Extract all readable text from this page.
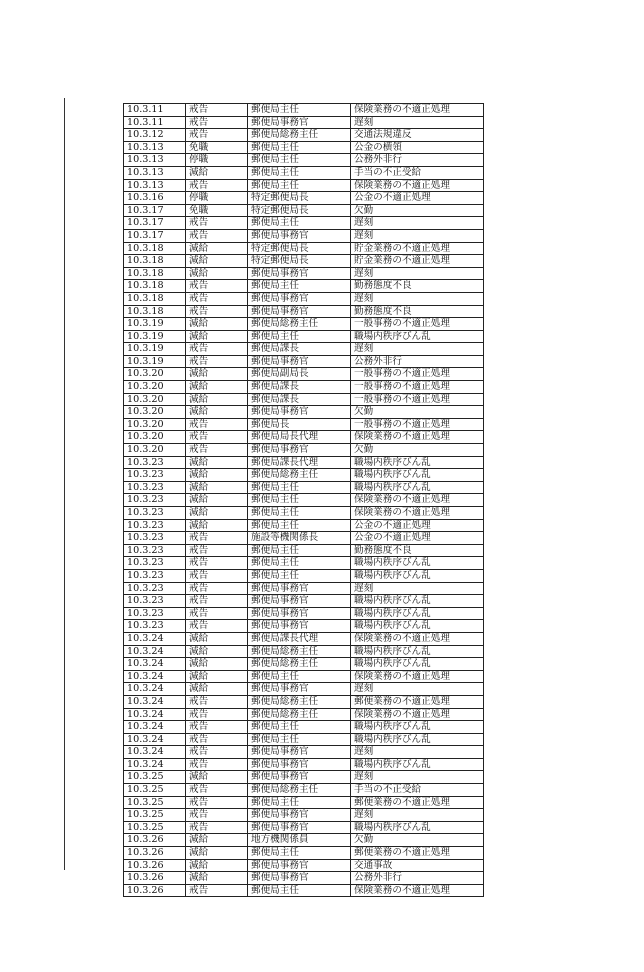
10.3.11	戒告	郵便局主任	保険業務の不適正処理
10.3.11	戒告	郵便局事務官	遅刻
10.3.12	戒告	郵便局総務主任	交通法規違反
10.3.13	免職	郵便局主任	公金の横領
10.3.13	停職	郵便局主任	公務外非行
10.3.13	減給	郵便局主任	手当の不正受給
10.3.13	戒告	郵便局主任	保険業務の不適正処理
10.3.16	停職	特定郵便局長	公金の不適正処理
10.3.17	免職	特定郵便局長	欠勤
10.3.17	戒告	郵便局主任	遅刻
10.3.17	戒告	郵便局事務官	遅刻
10.3.18	減給	特定郵便局長	貯金業務の不適正処理
10.3.18	減給	特定郵便局長	貯金業務の不適正処理
10.3.18	減給	郵便局事務官	遅刻
10.3.18	戒告	郵便局主任	勤務態度不良
10.3.18	戒告	郵便局事務官	遅刻
10.3.18	戒告	郵便局事務官	勤務態度不良
10.3.19	減給	郵便局総務主任	一般事務の不適正処理
10.3.19	減給	郵便局主任	職場内秩序びん乱
10.3.19	戒告	郵便局課長	遅刻
10.3.19	戒告	郵便局事務官	公務外非行
10.3.20	減給	郵便局副局長	一般事務の不適正処理
10.3.20	減給	郵便局課長	一般事務の不適正処理
10.3.20	減給	郵便局課長	一般事務の不適正処理
10.3.20	減給	郵便局事務官	欠勤
10.3.20	戒告	郵便局長	一般事務の不適正処理
10.3.20	戒告	郵便局局長代理	保険業務の不適正処理
10.3.20	戒告	郵便局事務官	欠勤
10.3.23	減給	郵便局課長代理	職場内秩序びん乱
10.3.23	減給	郵便局総務主任	職場内秩序びん乱
10.3.23	減給	郵便局主任	職場内秩序びん乱
10.3.23	減給	郵便局主任	保険業務の不適正処理
10.3.23	減給	郵便局主任	保険業務の不適正処理
10.3.23	減給	郵便局主任	公金の不適正処理
10.3.23	戒告	施設等機関係長	公金の不適正処理
10.3.23	戒告	郵便局主任	勤務態度不良
10.3.23	戒告	郵便局主任	職場内秩序びん乱
10.3.23	戒告	郵便局主任	職場内秩序びん乱
10.3.23	戒告	郵便局事務官	遅刻
10.3.23	戒告	郵便局事務官	職場内秩序びん乱
10.3.23	戒告	郵便局事務官	職場内秩序びん乱
10.3.23	戒告	郵便局事務官	職場内秩序びん乱
10.3.24	減給	郵便局課長代理	保険業務の不適正処理
10.3.24	減給	郵便局総務主任	職場内秩序びん乱
10.3.24	減給	郵便局総務主任	職場内秩序びん乱
10.3.24	減給	郵便局主任	保険業務の不適正処理
10.3.24	減給	郵便局事務官	遅刻
10.3.24	戒告	郵便局総務主任	郵便業務の不適正処理
10.3.24	戒告	郵便局総務主任	保険業務の不適正処理
10.3.24	戒告	郵便局主任	職場内秩序びん乱
10.3.24	戒告	郵便局主任	職場内秩序びん乱
10.3.24	戒告	郵便局事務官	遅刻
10.3.24	戒告	郵便局事務官	職場内秩序びん乱
10.3.25	減給	郵便局事務官	遅刻
10.3.25	戒告	郵便局総務主任	手当の不正受給
10.3.25	戒告	郵便局主任	郵便業務の不適正処理
10.3.25	戒告	郵便局事務官	遅刻
10.3.25	戒告	郵便局事務官	職場内秩序びん乱
10.3.26	減給	地方機関係員	欠勤
10.3.26	減給	郵便局主任	郵便業務の不適正処理
10.3.26	減給	郵便局事務官	交通事故
10.3.26	減給	郵便局事務官	公務外非行
10.3.26	戒告	郵便局主任	保険業務の不適正処理
